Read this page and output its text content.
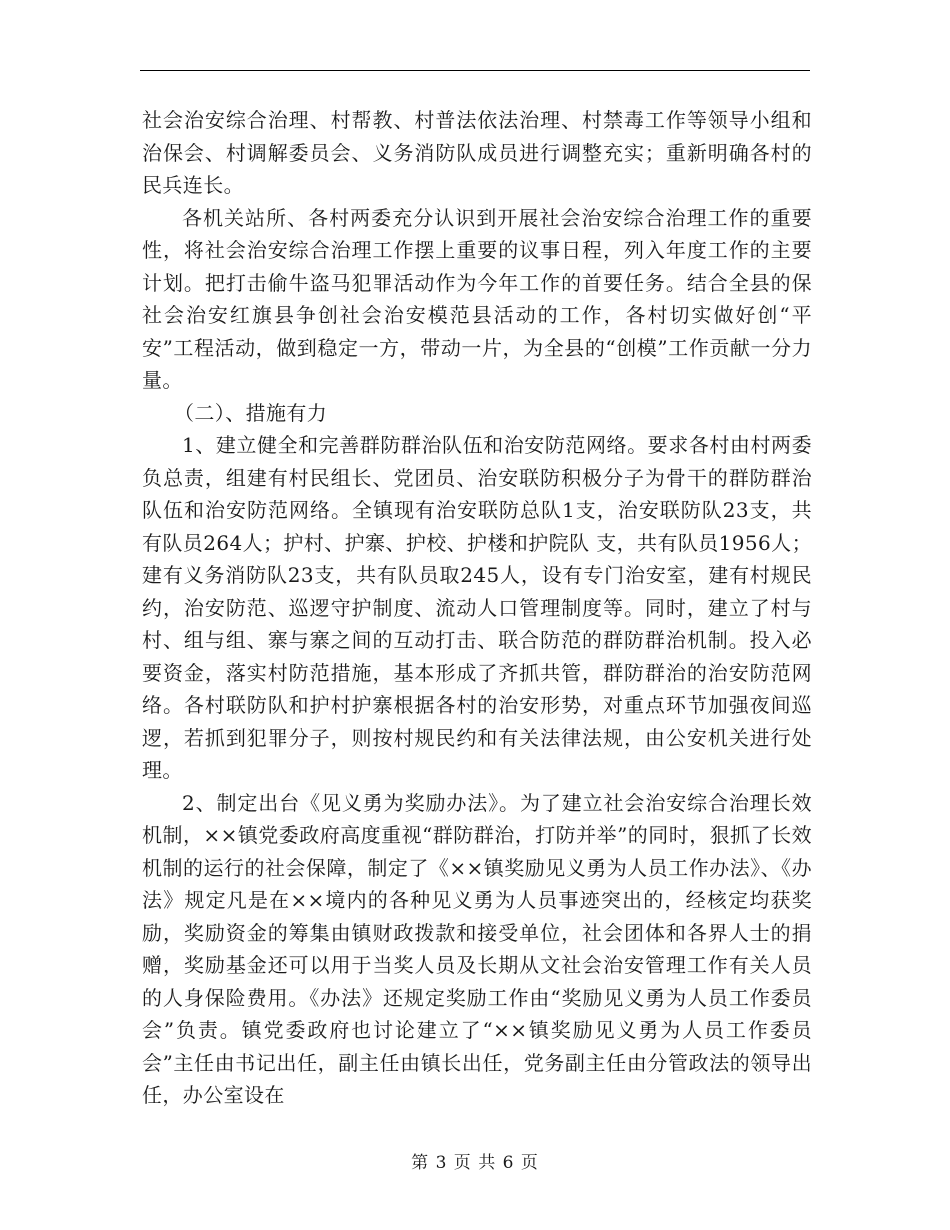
社会治安综合治理、村帮教、村普法依法治理、村禁毒工作等领导小组和治保会、村调解委员会、义务消防队成员进行调整充实；重新明确各村的民兵连长。

各机关站所、各村两委充分认识到开展社会治安综合治理工作的重要性，将社会治安综合治理工作摆上重要的议事日程，列入年度工作的主要计划。把打击偷牛盗马犯罪活动作为今年工作的首要任务。结合全县的保社会治安红旗县争创社会治安模范县活动的工作，各村切实做好创“平安”工程活动，做到稳定一方，带动一片，为全县的“创模”工作贡献一分力量。

（二）、措施有力

1、建立健全和完善群防群治队伍和治安防范网络。要求各村由村两委负总责，组建有村民组长、党团员、治安联防积极分子为骨干的群防群治队伍和治安防范网络。全镇现有治安联防总队1支，治安联防队23支，共有队员264人；护村、护寨、护校、护楼和护院队 支，共有队员1956人； 建有义务消防队23支，共有队员取245人，设有专门治安室，建有村规民约，治安防范、巡逻守护制度、流动人口管理制度等。同时，建立了村与村、组与组、寨与寨之间的互动打击、联合防范的群防群治机制。投入必要资金，落实村防范措施，基本形成了齐抓共管，群防群治的治安防范网络。各村联防队和护村护寨根据各村的治安形势，对重点环节加强夜间巡逻，若抓到犯罪分子，则按村规民约和有关法律法规，由公安机关进行处理。

2、制定出台《见义勇为奖励办法》。为了建立社会治安综合治理长效机制，××镇党委政府高度重视“群防群治，打防并举”的同时，狠抓了长效机制的运行的社会保障，制定了《××镇奖励见义勇为人员工作办法》、《办法》规定凡是在××境内的各种见义勇为人员事迹突出的，经核定均获奖励，奖励资金的筹集由镇财政拨款和接受单位，社会团体和各界人士的捐赠，奖励基金还可以用于当奖人员及长期从文社会治安管理工作有关人员的人身保险费用。《办法》还规定奖励工作由“奖励见义勇为人员工作委员会”负责。镇党委政府也讨论建立了“××镇奖励见义勇为人员工作委员会”主任由书记出任，副主任由镇长出任，党务副主任由分管政法的领导出任，办公室设在

第 3 页 共 6 页
